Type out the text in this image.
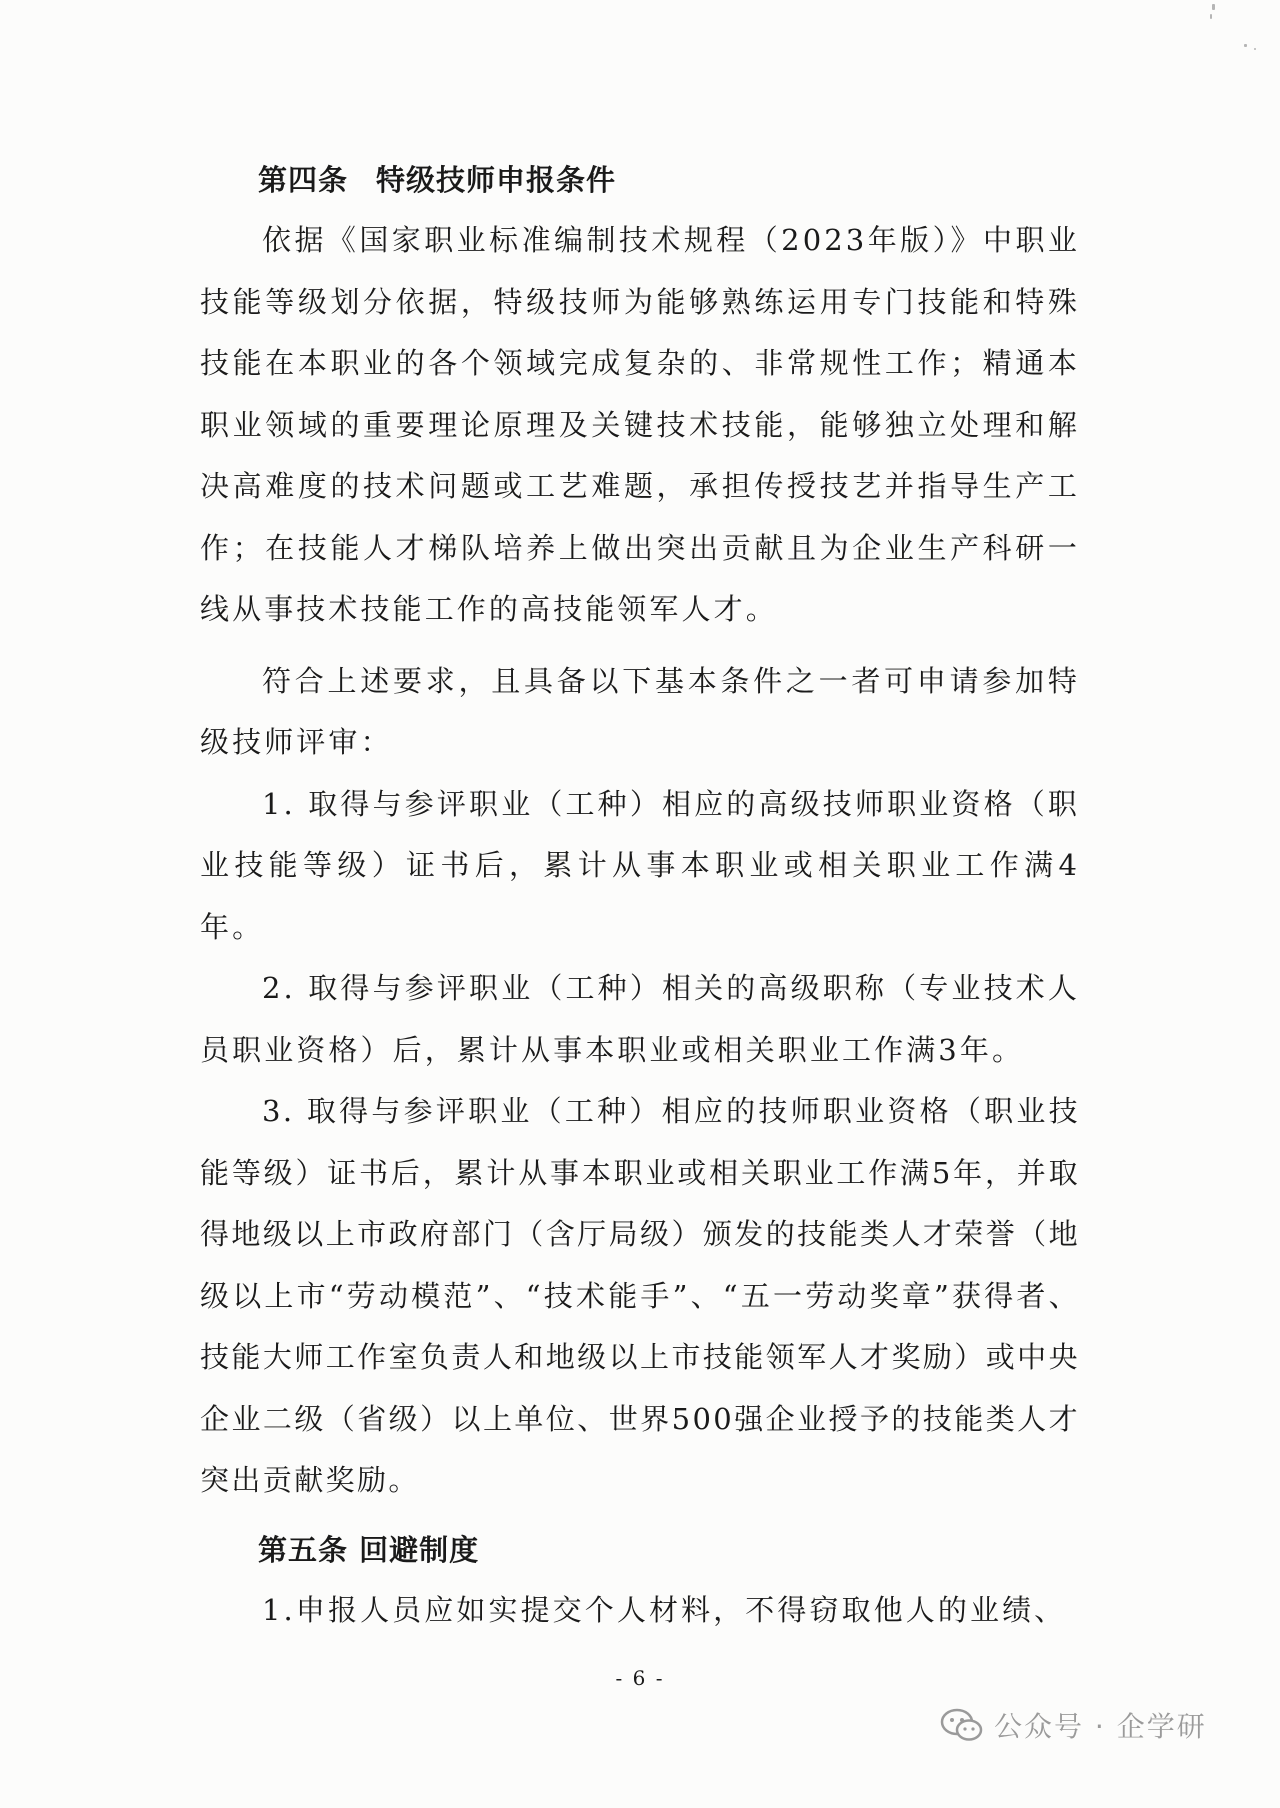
第四条 特级技师申报条件

依据《国家职业标准编制技术规程（2023年版）》中职业技能等级划分依据，特级技师为能够熟练运用专门技能和特殊技能在本职业的各个领域完成复杂的、非常规性工作；精通本职业领域的重要理论原理及关键技术技能，能够独立处理和解决高难度的技术问题或工艺难题，承担传授技艺并指导生产工作；在技能人才梯队培养上做出突出贡献且为企业生产科研一线从事技术技能工作的高技能领军人才。

符合上述要求，且具备以下基本条件之一者可申请参加特级技师评审：

1. 取得与参评职业（工种）相应的高级技师职业资格（职业技能等级）证书后，累计从事本职业或相关职业工作满4年。

2. 取得与参评职业（工种）相关的高级职称（专业技术人员职业资格）后，累计从事本职业或相关职业工作满3年。

3. 取得与参评职业（工种）相应的技师职业资格（职业技能等级）证书后，累计从事本职业或相关职业工作满5年，并取得地级以上市政府部门（含厅局级）颁发的技能类人才荣誉（地级以上市“劳动模范”、“技术能手”、“五一劳动奖章”获得者、技能大师工作室负责人和地级以上市技能领军人才奖励）或中央企业二级（省级）以上单位、世界500强企业授予的技能类人才突出贡献奖励。

第五条 回避制度

1.申报人员应如实提交个人材料，不得窃取他人的业绩、

- 6 -
公众号 · 企学研
